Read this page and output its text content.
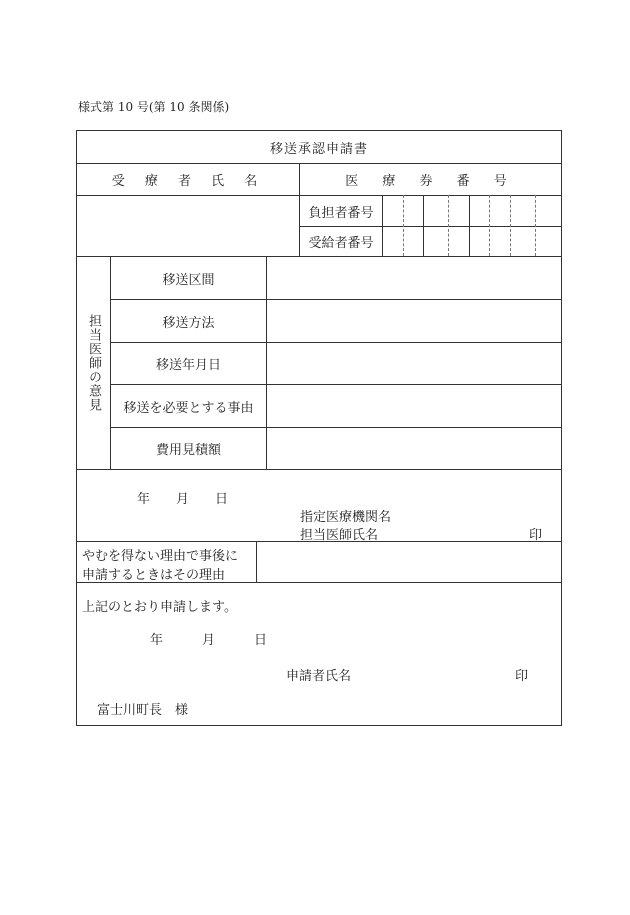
様式第 10 号(第 10 条関係)
移送承認申請書
受 療 者 氏 名	医 療 券 番 号
負担者番号
受給者番号
担当医師の意見
移送区間
移送方法
移送年月日
移送を必要とする事由
費用見積額
年　　月　　日
指定医療機関名
担当医師氏名	印
やむを得ない理由で事後に
申請するときはその理由
上記のとおり申請します。
年　　　月　　　日
申請者氏名	印
富士川町長　様
